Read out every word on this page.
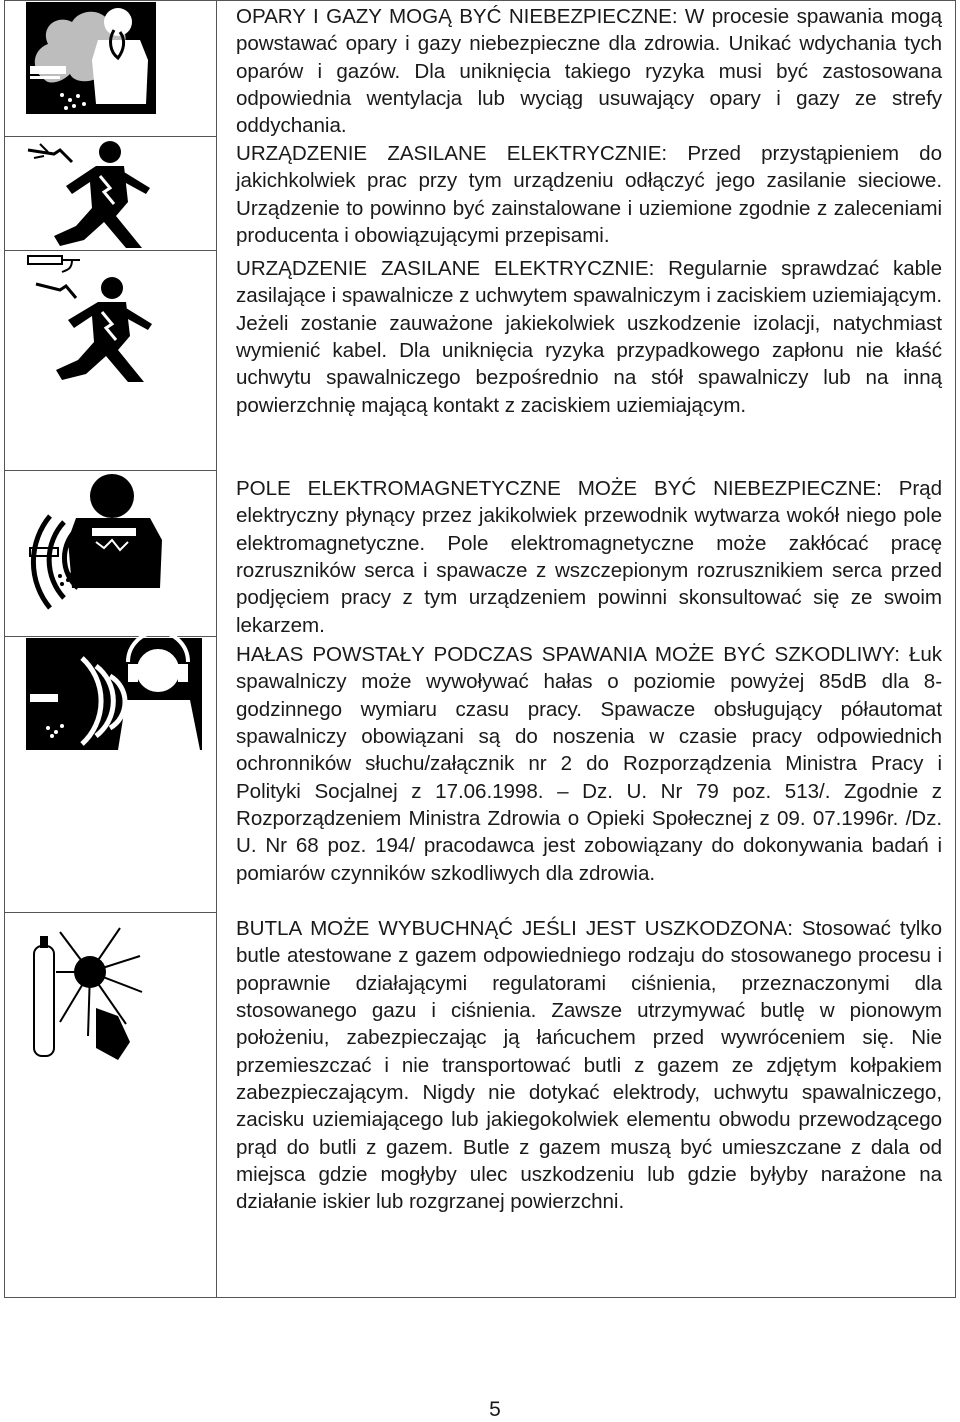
OPARY I GAZY MOGĄ BYĆ NIEBEZPIECZNE: W procesie spawania mogą powstawać opary i gazy niebezpieczne dla zdrowia. Unikać wdychania tych oparów i gazów. Dla uniknięcia takiego ryzyka musi być zastosowana odpowiednia wentylacja lub wyciąg usuwający opary i gazy ze strefy oddychania.
URZĄDZENIE ZASILANE ELEKTRYCZNIE: Przed przystąpieniem do jakichkolwiek prac przy tym urządzeniu odłączyć jego zasilanie sieciowe. Urządzenie to powinno być zainstalowane i uziemione zgodnie z zaleceniami producenta i obowiązującymi przepisami.
URZĄDZENIE ZASILANE ELEKTRYCZNIE: Regularnie sprawdzać kable zasilające i spawalnicze z uchwytem spawalniczym i zaciskiem uziemiającym. Jeżeli zostanie zauważone jakiekolwiek uszkodzenie izolacji, natychmiast wymienić kabel. Dla uniknięcia ryzyka przypadkowego zapłonu nie kłaść uchwytu spawalniczego bezpośrednio na stół spawalniczy lub na inną powierzchnię mającą kontakt z zaciskiem uziemiającym.
POLE ELEKTROMAGNETYCZNE MOŻE BYĆ NIEBEZPIECZNE: Prąd elektryczny płynący przez jakikolwiek przewodnik wytwarza wokół niego pole elektromagnetyczne. Pole elektromagnetyczne może zakłócać pracę rozruszników serca i spawacze z wszczepionym rozrusznikiem serca przed podjęciem pracy z tym urządzeniem powinni skonsultować się ze swoim lekarzem.
HAŁAS POWSTAŁY PODCZAS SPAWANIA MOŻE BYĆ SZKODLIWY: Łuk spawalniczy może wywoływać hałas o poziomie powyżej 85dB dla 8-godzinnego wymiaru czasu pracy. Spawacze obsługujący półautomat spawalniczy obowiązani są do noszenia w czasie pracy odpowiednich ochronników słuchu/załącznik nr 2 do Rozporządzenia Ministra Pracy i Polityki Socjalnej z 17.06.1998. – Dz. U. Nr 79 poz. 513/. Zgodnie z Rozporządzeniem Ministra Zdrowia o Opieki Społecznej z 09. 07.1996r. /Dz. U. Nr 68 poz. 194/ pracodawca jest zobowiązany do dokonywania badań i pomiarów czynników szkodliwych dla zdrowia.
BUTLA MOŻE WYBUCHNĄĆ JEŚLI JEST USZKODZONA: Stosować tylko butle atestowane z gazem odpowiedniego rodzaju do stosowanego procesu i poprawnie działającymi regulatorami ciśnienia, przeznaczonymi dla stosowanego gazu i ciśnienia. Zawsze utrzymywać butlę w pionowym położeniu, zabezpieczając ją łańcuchem przed wywróceniem się. Nie przemieszczać i nie transportować butli z gazem ze zdjętym kołpakiem zabezpieczającym. Nigdy nie dotykać elektrody, uchwytu spawalniczego, zacisku uziemiającego lub jakiegokolwiek elementu obwodu przewodzącego prąd do butli z gazem. Butle z gazem muszą być umieszczane z dala od miejsca gdzie mogłyby ulec uszkodzeniu lub gdzie byłyby narażone na działanie iskier lub rozgrzanej powierzchni.
5
